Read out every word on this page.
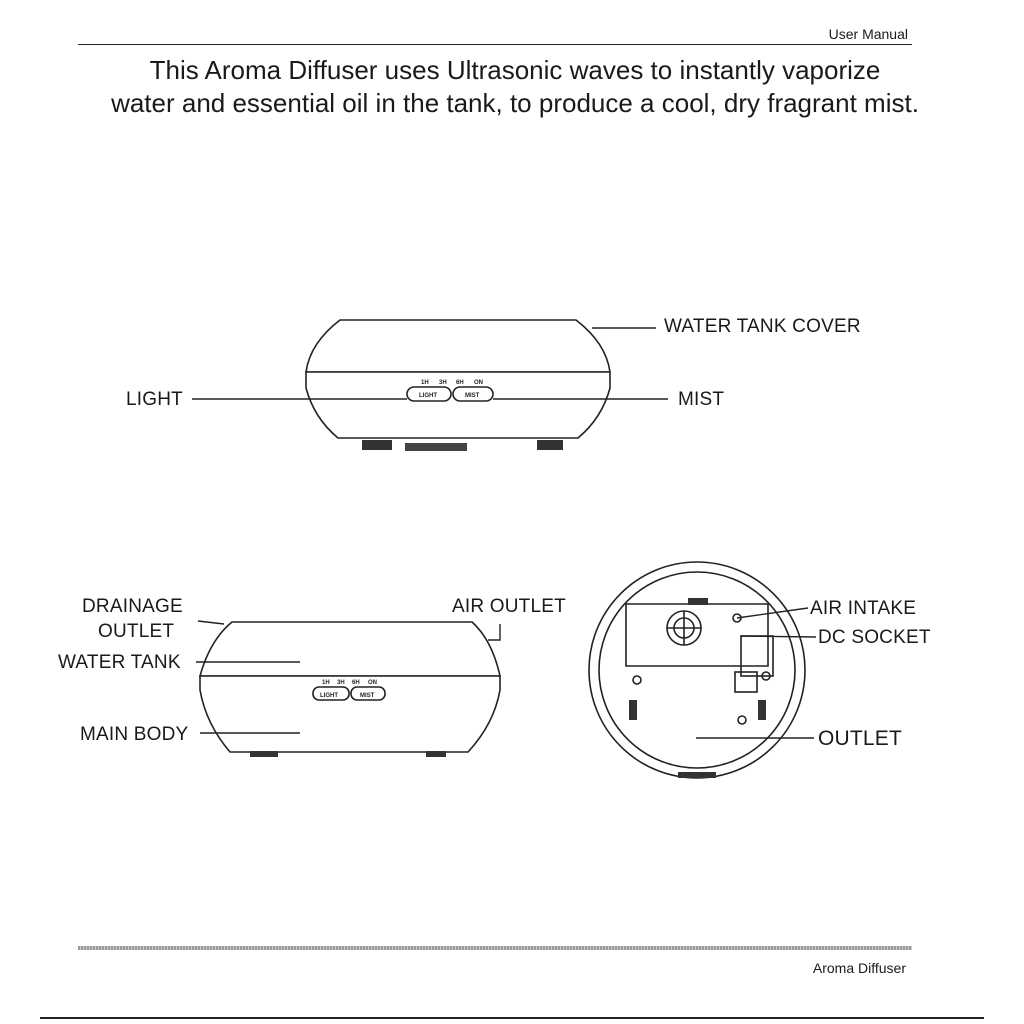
User Manual
This Aroma Diffuser uses Ultrasonic waves to instantly vaporize
water and essential oil in the tank, to produce a cool, dry fragrant mist.
1H 3H 6H ON
LIGHT	MIST
1H 3H 6H ON
LIGHT	MIST
WATER TANK COVER
LIGHT	MIST
DRAINAGE
OUTLET
AIR OUTLET
WATER TANK
MAIN BODY
AIR INTAKE
DC SOCKET
OUTLET
Aroma Diffuser
